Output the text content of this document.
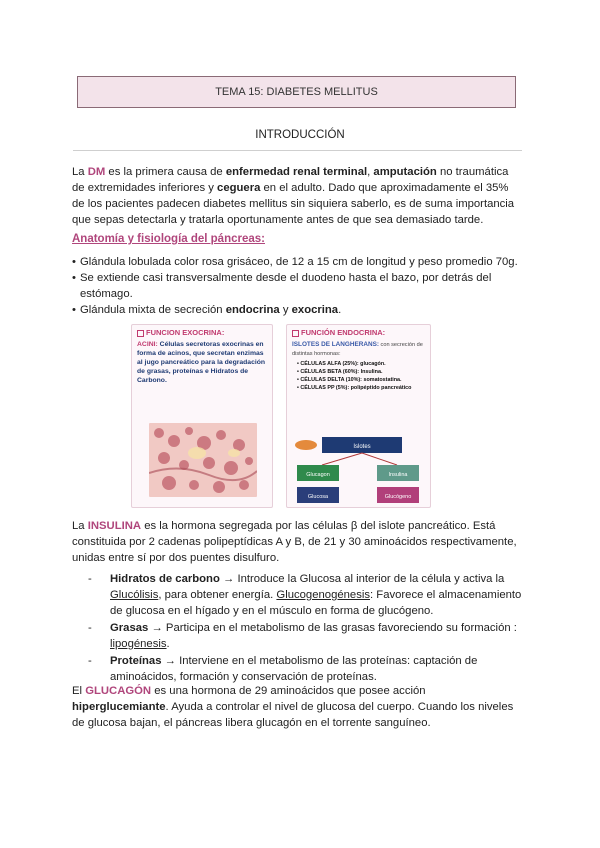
TEMA 15: DIABETES MELLITUS
INTRODUCCIÓN

La DM es la primera causa de enfermedad renal terminal, amputación no traumática de extremidades inferiores y ceguera en el adulto. Dado que aproximadamente el 35% de los pacientes padecen diabetes mellitus sin siquiera saberlo, es de suma importancia que sepas detectarla y tratarla oportunamente antes de que sea demasiado tarde.

Anatomía y fisiología del páncreas:
• Glándula lobulada color rosa grisáceo, de 12 a 15 cm de longitud y peso promedio 70g.
• Se extiende casi transversalmente desde el duodeno hasta el bazo, por detrás del estómago.
• Glándula mixta de secreción endocrina y exocrina.
FUNCION EXOCRINA:
ACINI: Células secretoras exocrinas en forma de acinos, que secretan enzimas al jugo pancreático para la degradación de grasas, proteínas e Hidratos de Carbono.
FUNCIÓN ENDOCRINA:
ISLOTES DE LANGHERANS: con secreción de distintas hormonas:
• CÉLULAS ALFA (25%): glucagón.
• CÉLULAS BETA (60%): Insulina.
• CÉLULAS DELTA (10%): somatostatina.
• CÉLULAS PP (5%): polipéptido pancreático
Islotes
Glucagon	Insulina
Glucosa	Glucógeno

La INSULINA es la hormona segregada por las células β del islote pancreático. Está constituida por 2 cadenas polipeptídicas A y B, de 21 y 30 aminoácidos respectivamente, unidas entre sí por dos puentes disulfuro.

- Hidratos de carbono → Introduce la Glucosa al interior de la célula y activa la Glucólisis, para obtener energía. Glucogenogénesis: Favorece el almacenamiento de glucosa en el hígado y en el músculo en forma de glucógeno.
- Grasas → Participa en el metabolismo de las grasas favoreciendo su formación : lipogénesis.
- Proteínas → Interviene en el metabolismo de las proteínas: captación de aminoácidos, formación y conservación de proteínas.

El GLUCAGÓN es una hormona de 29 aminoácidos que posee acción hiperglucemiante. Ayuda a controlar el nivel de glucosa del cuerpo. Cuando los niveles de glucosa bajan, el páncreas libera glucagón en el torrente sanguíneo.
